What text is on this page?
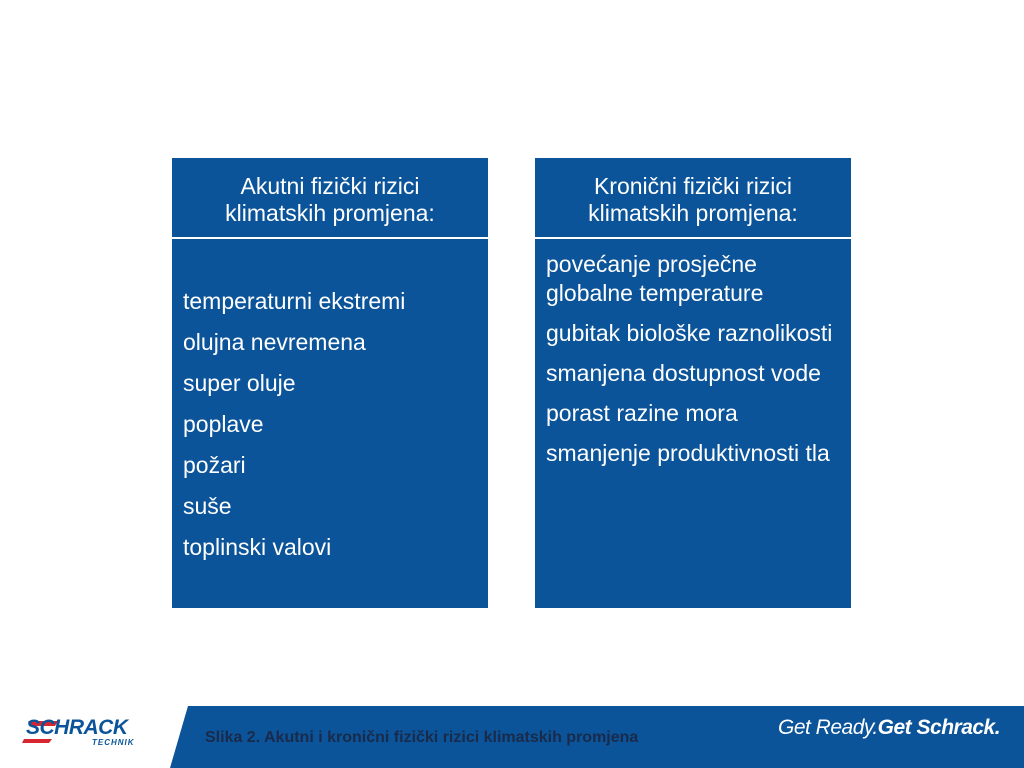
Akutni fizički rizici
klimatskih promjena:
temperaturni ekstremi
olujna nevremena
super oluje
poplave
požari
suše
toplinski valovi
Kronični fizički rizici
klimatskih promjena:
povećanje prosječne globalne temperature
gubitak biološke raznolikosti
smanjena dostupnost vode
porast razine mora
smanjenje produktivnosti tla
SCHRACK
TECHNIK	Slika 2. Akutni i kronični fizički rizici klimatskih promjena	Get Ready.Get Schrack.
